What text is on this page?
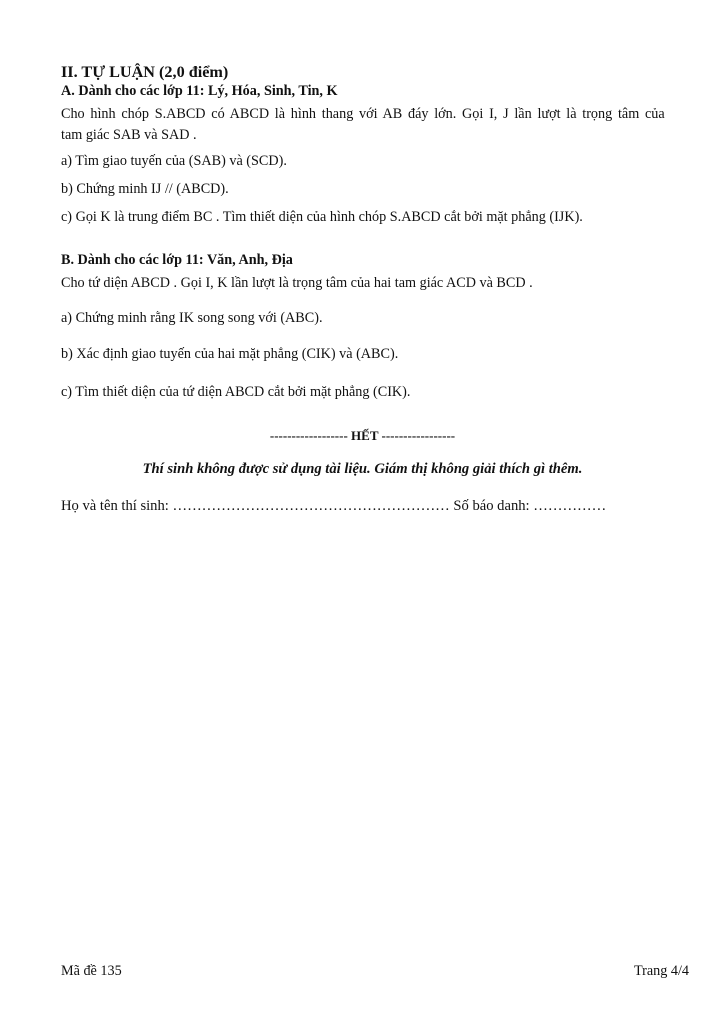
II. TỰ LUẬN (2,0 điểm)
A. Dành cho các lớp 11: Lý, Hóa, Sinh, Tin, K
Cho hình chóp S.ABCD có ABCD là hình thang với AB đáy lớn. Gọi I, J lần lượt là trọng tâm của
tam giác SAB và SAD .
a) Tìm giao tuyến của (SAB) và (SCD).
b) Chứng minh IJ // (ABCD).
c) Gọi K là trung điểm BC . Tìm thiết diện của hình chóp S.ABCD cắt bởi mặt phẳng (IJK).
B. Dành cho các lớp 11: Văn, Anh, Địa
Cho tứ diện ABCD . Gọi I, K lần lượt là trọng tâm của hai tam giác ACD và BCD .
a) Chứng minh rằng IK song song với (ABC).
b) Xác định giao tuyến của hai mặt phẳng (CIK) và (ABC).
c) Tìm thiết diện của tứ diện ABCD cắt bởi mặt phẳng (CIK).
------------------ HẾT -----------------
Thí sinh không được sử dụng tài liệu. Giám thị không giải thích gì thêm.
Họ và tên thí sinh: ………………………………………………… Số báo danh: ……………
Mã đề 135	Trang 4/4
